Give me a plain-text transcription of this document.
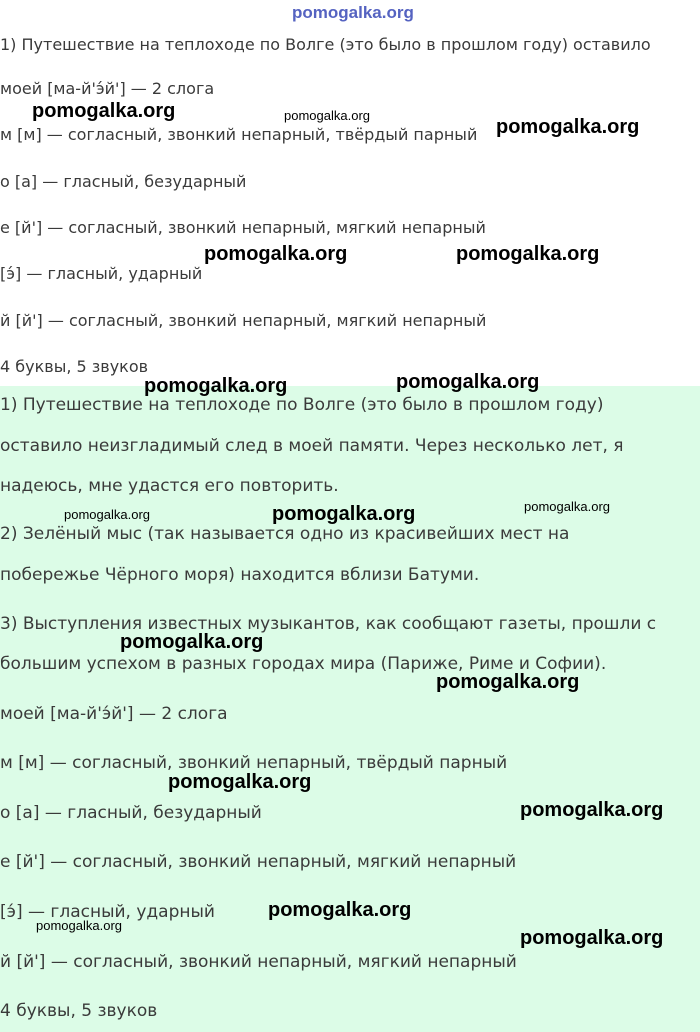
pomogalka.org
1) Путешествие на теплоходе по Волге (это было в прошлом году) оставило
моей [ма-й'э́й'] — 2 слога
м [м] — согласный, звонкий непарный, твёрдый парный
о [а] — гласный, безударный
е [й'] — согласный, звонкий непарный, мягкий непарный
[э́] — гласный, ударный
й [й'] — согласный, звонкий непарный, мягкий непарный
4 буквы, 5 звуков
1) Путешествие на теплоходе по Волге (это было в прошлом году)
оставило неизгладимый след в моей памяти. Через несколько лет, я
надеюсь, мне удастся его повторить.
2) Зелёный мыс (так называется одно из красивейших мест на
побережье Чёрного моря) находится вблизи Батуми.
3) Выступления известных музыкантов, как сообщают газеты, прошли с
большим успехом в разных городах мира (Париже, Риме и Софии).
моей [ма-й'э́й'] — 2 слога
м [м] — согласный, звонкий непарный, твёрдый парный
о [а] — гласный, безударный
е [й'] — согласный, звонкий непарный, мягкий непарный
[э́] — гласный, ударный
й [й'] — согласный, звонкий непарный, мягкий непарный
4 буквы, 5 звуков
pomogalka.org	pomogalka.org
pomogalka.org
pomogalka.org	pomogalka.org
pomogalka.org	pomogalka.org
pomogalka.org	pomogalka.org	pomogalka.org
pomogalka.org
pomogalka.org
pomogalka.org
pomogalka.org
pomogalka.org
pomogalka.org
pomogalka.org
